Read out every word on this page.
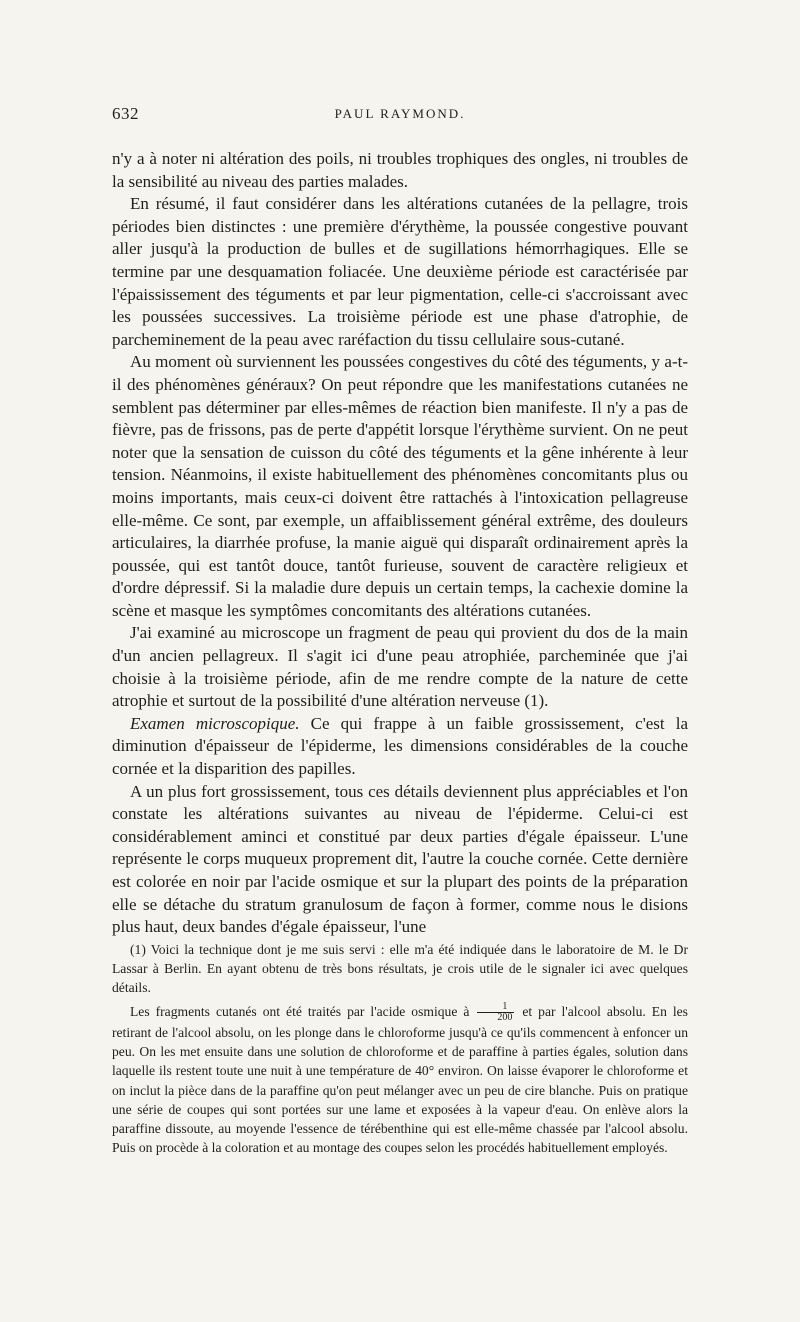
632	PAUL RAYMOND.

n'y a à noter ni altération des poils, ni troubles trophiques des ongles, ni troubles de la sensibilité au niveau des parties malades.

En résumé, il faut considérer dans les altérations cutanées de la pellagre, trois périodes bien distinctes : une première d'érythème, la poussée congestive pouvant aller jusqu'à la production de bulles et de sugillations hémorrhagiques. Elle se termine par une desquamation foliacée. Une deuxième période est caractérisée par l'épaississement des téguments et par leur pigmentation, celle-ci s'accroissant avec les poussées successives. La troisième période est une phase d'atrophie, de parcheminement de la peau avec raréfaction du tissu cellulaire sous-cutané.

Au moment où surviennent les poussées congestives du côté des téguments, y a-t-il des phénomènes généraux? On peut répondre que les manifestations cutanées ne semblent pas déterminer par elles-mêmes de réaction bien manifeste. Il n'y a pas de fièvre, pas de frissons, pas de perte d'appétit lorsque l'érythème survient. On ne peut noter que la sensation de cuisson du côté des téguments et la gêne inhérente à leur tension. Néanmoins, il existe habituellement des phénomènes concomitants plus ou moins importants, mais ceux-ci doivent être rattachés à l'intoxication pellagreuse elle-même. Ce sont, par exemple, un affaiblissement général extrême, des douleurs articulaires, la diarrhée profuse, la manie aiguë qui disparaît ordinairement après la poussée, qui est tantôt douce, tantôt furieuse, souvent de caractère religieux et d'ordre dépressif. Si la maladie dure depuis un certain temps, la cachexie domine la scène et masque les symptômes concomitants des altérations cutanées.

J'ai examiné au microscope un fragment de peau qui provient du dos de la main d'un ancien pellagreux. Il s'agit ici d'une peau atrophiée, parcheminée que j'ai choisie à la troisième période, afin de me rendre compte de la nature de cette atrophie et surtout de la possibilité d'une altération nerveuse (1).

Examen microscopique. Ce qui frappe à un faible grossissement, c'est la diminution d'épaisseur de l'épiderme, les dimensions considérables de la couche cornée et la disparition des papilles.

A un plus fort grossissement, tous ces détails deviennent plus appréciables et l'on constate les altérations suivantes au niveau de l'épiderme. Celui-ci est considérablement aminci et constitué par deux parties d'égale épaisseur. L'une représente le corps muqueux proprement dit, l'autre la couche cornée. Cette dernière est colorée en noir par l'acide osmique et sur la plupart des points de la préparation elle se détache du stratum granulosum de façon à former, comme nous le disions plus haut, deux bandes d'égale épaisseur, l'une

(1) Voici la technique dont je me suis servi : elle m'a été indiquée dans le laboratoire de M. le Dr Lassar à Berlin. En ayant obtenu de très bons résultats, je crois utile de le signaler ici avec quelques détails.

Les fragments cutanés ont été traités par l'acide osmique à $\frac{1}{200}$ et par l'alcool absolu. En les retirant de l'alcool absolu, on les plonge dans le chloroforme jusqu'à ce qu'ils commencent à enfoncer un peu. On les met ensuite dans une solution de chloroforme et de paraffine à parties égales, solution dans laquelle ils restent toute une nuit à une température de 40° environ. On laisse évaporer le chloroforme et on inclut la pièce dans de la paraffine qu'on peut mélanger avec un peu de cire blanche. Puis on pratique une série de coupes qui sont portées sur une lame et exposées à la vapeur d'eau. On enlève alors la paraffine dissoute, au moyende l'essence de térébenthine qui est elle-même chassée par l'alcool absolu. Puis on procède à la coloration et au montage des coupes selon les procédés habituellement employés.
